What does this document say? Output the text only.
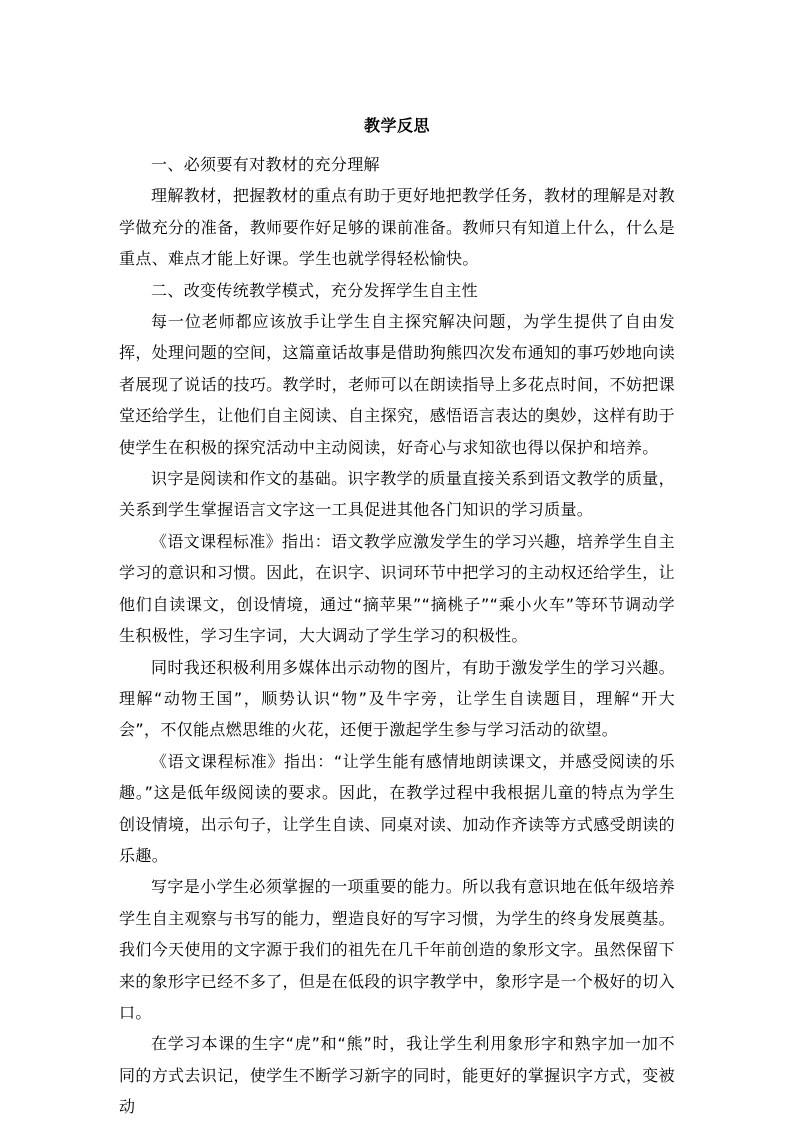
教学反思

一、必须要有对教材的充分理解

理解教材，把握教材的重点有助于更好地把教学任务，教材的理解是对教学做充分的准备，教师要作好足够的课前准备。教师只有知道上什么，什么是重点、难点才能上好课。学生也就学得轻松愉快。

二、改变传统教学模式，充分发挥学生自主性

每一位老师都应该放手让学生自主探究解决问题，为学生提供了自由发挥，处理问题的空间，这篇童话故事是借助狗熊四次发布通知的事巧妙地向读者展现了说话的技巧。教学时，老师可以在朗读指导上多花点时间，不妨把课堂还给学生，让他们自主阅读、自主探究，感悟语言表达的奥妙，这样有助于使学生在积极的探究活动中主动阅读，好奇心与求知欲也得以保护和培养。

识字是阅读和作文的基础。识字教学的质量直接关系到语文教学的质量，关系到学生掌握语言文字这一工具促进其他各门知识的学习质量。

《语文课程标准》指出：语文教学应激发学生的学习兴趣，培养学生自主学习的意识和习惯。因此，在识字、识词环节中把学习的主动权还给学生，让他们自读课文，创设情境，通过“摘苹果”“摘桃子”“乘小火车”等环节调动学生积极性，学习生字词，大大调动了学生学习的积极性。

同时我还积极利用多媒体出示动物的图片，有助于激发学生的学习兴趣。理解“动物王国”，顺势认识“物”及牛字旁，让学生自读题目，理解“开大会”，不仅能点燃思维的火花，还便于激起学生参与学习活动的欲望。

《语文课程标准》指出：“让学生能有感情地朗读课文，并感受阅读的乐趣。”这是低年级阅读的要求。因此，在教学过程中我根据儿童的特点为学生创设情境，出示句子，让学生自读、同桌对读、加动作齐读等方式感受朗读的乐趣。

写字是小学生必须掌握的一项重要的能力。所以我有意识地在低年级培养学生自主观察与书写的能力，塑造良好的写字习惯，为学生的终身发展奠基。我们今天使用的文字源于我们的祖先在几千年前创造的象形文字。虽然保留下来的象形字已经不多了，但是在低段的识字教学中，象形字是一个极好的切入口。

在学习本课的生字“虎”和“熊”时，我让学生利用象形字和熟字加一加不同的方式去识记，使学生不断学习新字的同时，能更好的掌握识字方式，变被动
